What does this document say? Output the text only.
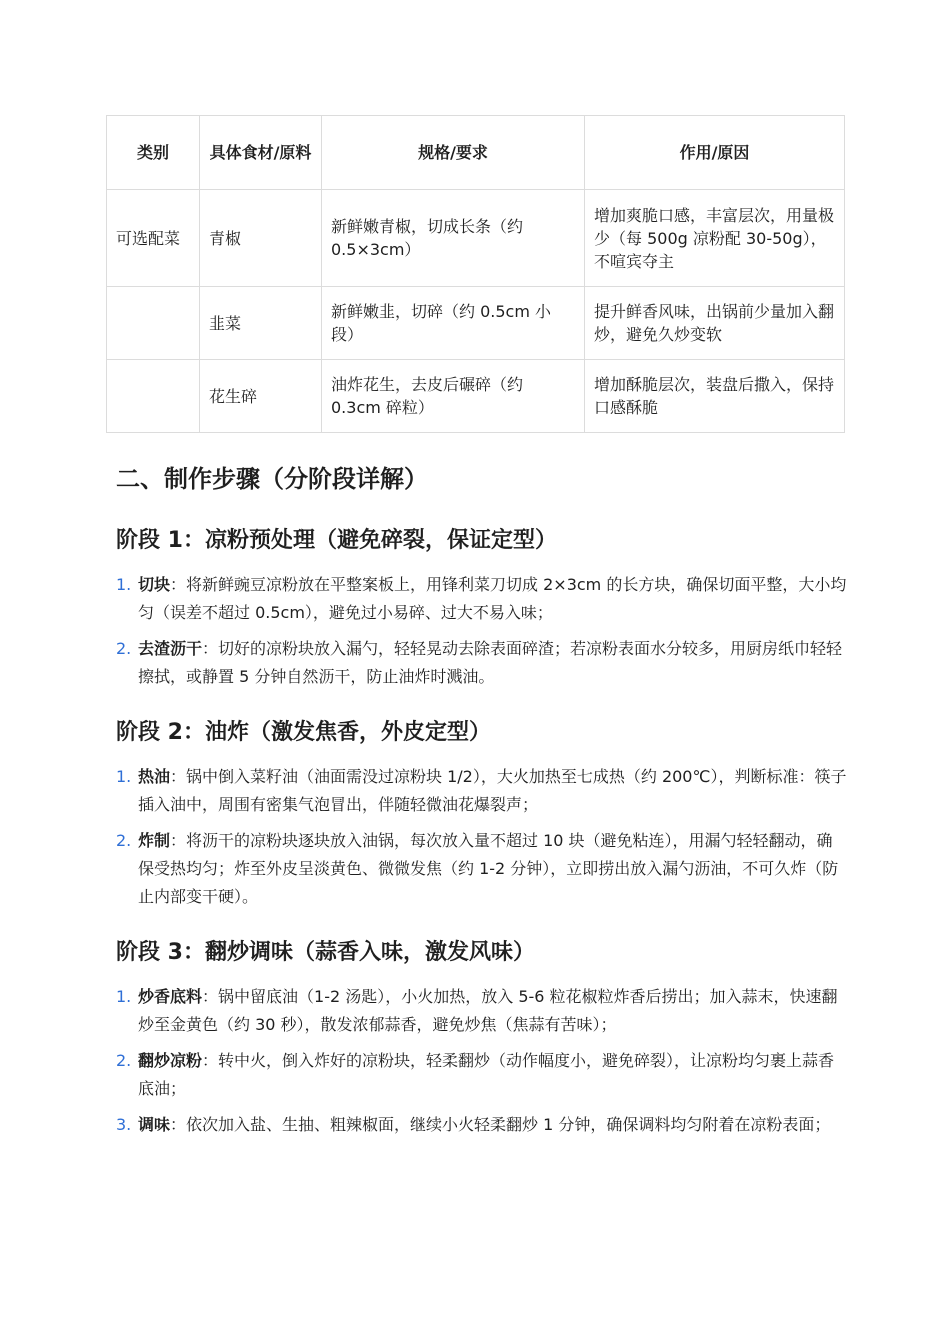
类别	具体食材/原料	规格/要求	作用/原因
可选配菜	青椒	新鲜嫩青椒，切成长条（约 0.5×3cm）	增加爽脆口感，丰富层次，用量极少（每 500g 凉粉配 30-50g），不喧宾夺主
	韭菜	新鲜嫩韭，切碎（约 0.5cm 小段）	提升鲜香风味，出锅前少量加入翻炒，避免久炒变软
	花生碎	油炸花生，去皮后碾碎（约 0.3cm 碎粒）	增加酥脆层次，装盘后撒入，保持口感酥脆
二、制作步骤（分阶段详解）
阶段 1：凉粉预处理（避免碎裂，保证定型）
1. 切块：将新鲜豌豆凉粉放在平整案板上，用锋利菜刀切成 2×3cm 的长方块，确保切面平整，大小均匀（误差不超过 0.5cm），避免过小易碎、过大不易入味；
2. 去渣沥干：切好的凉粉块放入漏勺，轻轻晃动去除表面碎渣；若凉粉表面水分较多，用厨房纸巾轻轻擦拭，或静置 5 分钟自然沥干，防止油炸时溅油。
阶段 2：油炸（激发焦香，外皮定型）
1. 热油：锅中倒入菜籽油（油面需没过凉粉块 1/2），大火加热至七成热（约 200℃），判断标准：筷子插入油中，周围有密集气泡冒出，伴随轻微油花爆裂声；
2. 炸制：将沥干的凉粉块逐块放入油锅，每次放入量不超过 10 块（避免粘连），用漏勺轻轻翻动，确保受热均匀；炸至外皮呈淡黄色、微微发焦（约 1-2 分钟），立即捞出放入漏勺沥油，不可久炸（防止内部变干硬）。
阶段 3：翻炒调味（蒜香入味，激发风味）
1. 炒香底料：锅中留底油（1-2 汤匙），小火加热，放入 5-6 粒花椒粒炸香后捞出；加入蒜末，快速翻炒至金黄色（约 30 秒），散发浓郁蒜香，避免炒焦（焦蒜有苦味）；
2. 翻炒凉粉：转中火，倒入炸好的凉粉块，轻柔翻炒（动作幅度小，避免碎裂），让凉粉均匀裹上蒜香底油；
3. 调味：依次加入盐、生抽、粗辣椒面，继续小火轻柔翻炒 1 分钟，确保调料均匀附着在凉粉表面；
